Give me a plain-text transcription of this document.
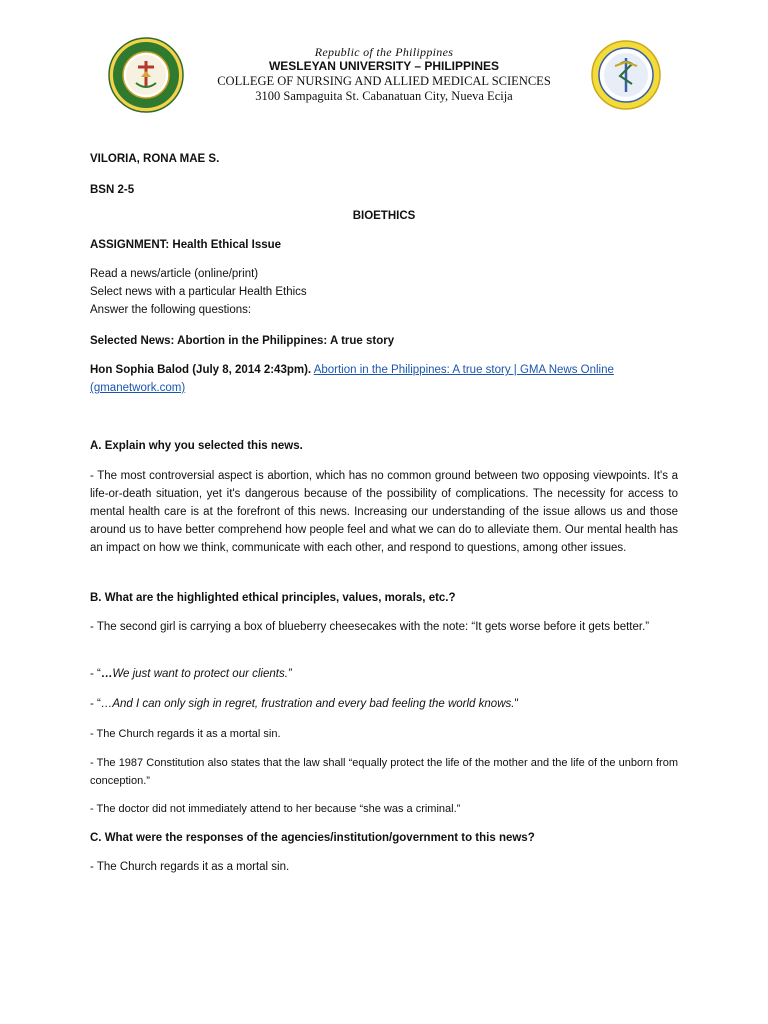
Republic of the Philippines
WESLEYAN UNIVERSITY – PHILIPPINES
COLLEGE OF NURSING AND ALLIED MEDICAL SCIENCES
3100 Sampaguita St. Cabanatuan City, Nueva Ecija
VILORIA, RONA MAE S.
BSN 2-5
BIOETHICS
ASSIGNMENT: Health Ethical Issue
Read a news/article (online/print)
Select news with a particular Health Ethics
Answer the following questions:
Selected News: Abortion in the Philippines: A true story
Hon Sophia Balod (July 8, 2014 2:43pm). Abortion in the Philippines: A true story | GMA News Online (gmanetwork.com)
A. Explain why you selected this news.
- The most controversial aspect is abortion, which has no common ground between two opposing viewpoints. It's a life-or-death situation, yet it's dangerous because of the possibility of complications. The necessity for access to mental health care is at the forefront of this news. Increasing our understanding of the issue allows us and those around us to have better comprehend how people feel and what we can do to alleviate them. Our mental health has an impact on how we think, communicate with each other, and respond to questions, among other issues.
B. What are the highlighted ethical principles, values, morals, etc.?
- The second girl is carrying a box of blueberry cheesecakes with the note: “It gets worse before it gets better.”
- “…We just want to protect our clients.”
- “…And I can only sigh in regret, frustration and every bad feeling the world knows."
- The Church regards it as a mortal sin.
- The 1987 Constitution also states that the law shall “equally protect the life of the mother and the life of the unborn from conception.”
- The doctor did not immediately attend to her because “she was a criminal.”
C. What were the responses of the agencies/institution/government to this news?
- The Church regards it as a mortal sin.
